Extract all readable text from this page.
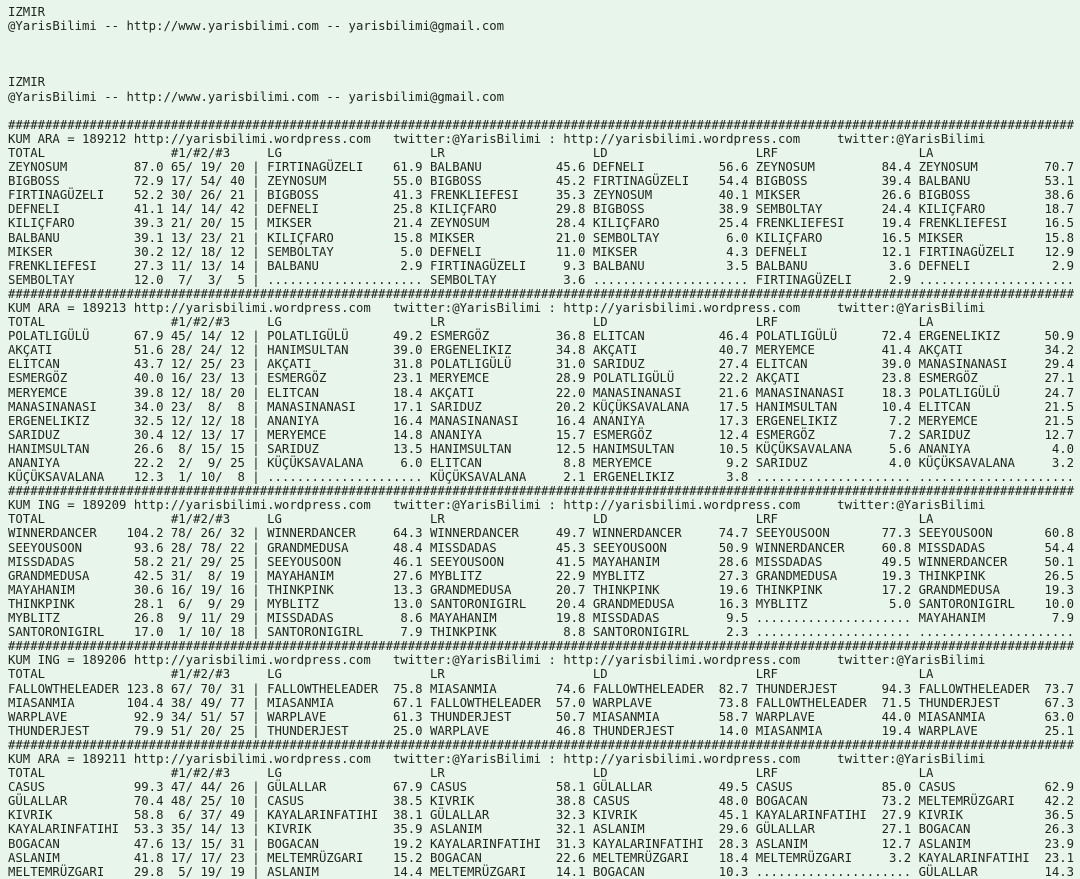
IZMIR
@YarisBilimi -- http://www.yarisbilimi.com -- yarisbilimi@gmail.com
IZMIR
@YarisBilimi -- http://www.yarisbilimi.com -- yarisbilimi@gmail.com
################################################################################################################################################
KUM ARA = 189212 http://yarisbilimi.wordpress.com   twitter:@YarisBilimi : http://yarisbilimi.wordpress.com     twitter:@YarisBilimi
TOTAL                 #1/#2/#3     LG                    LR                    LD                    LRF                   LA
ZEYNOSUM         87.0 65/ 19/ 20 | FIRTINAGÜZELI    61.9 BALBANU          45.6 DEFNELI          56.6 ZEYNOSUM         84.4 ZEYNOSUM         70.7
BIGBOSS          72.9 17/ 54/ 40 | ZEYNOSUM         55.0 BIGBOSS          45.2 FIRTINAGÜZELI    54.4 BIGBOSS          39.4 BALBANU          53.1
FIRTINAGÜZELI    52.2 30/ 26/ 21 | BIGBOSS          41.3 FRENKLIEFESI     35.3 ZEYNOSUM         40.1 MIKSER           26.6 BIGBOSS          38.6
DEFNELI          41.1 14/ 14/ 42 | DEFNELI          25.8 KILIÇFARO        29.8 BIGBOSS          38.9 SEMBOLTAY        24.4 KILIÇFARO        18.7
KILIÇFARO        39.3 21/ 20/ 15 | MIKSER           21.4 ZEYNOSUM         28.4 KILIÇFARO        25.4 FRENKLIEFESI     19.4 FRENKLIEFESI     16.5
BALBANU          39.1 13/ 23/ 21 | KILIÇFARO        15.8 MIKSER           21.0 SEMBOLTAY         6.0 KILIÇFARO        16.5 MIKSER           15.8
MIKSER           30.2 12/ 18/ 12 | SEMBOLTAY         5.0 DEFNELI          11.0 MIKSER            4.3 DEFNELI          12.1 FIRTINAGÜZELI    12.9
FRENKLIEFESI     27.3 11/ 13/ 14 | BALBANU           2.9 FIRTINAGÜZELI     9.3 BALBANU           3.5 BALBANU           3.6 DEFNELI           2.9
SEMBOLTAY        12.0  7/  3/  5 | ..................... SEMBOLTAY         3.6 ..................... FIRTINAGÜZELI     2.9 .....................
################################################################################################################################################
KUM ARA = 189213 http://yarisbilimi.wordpress.com   twitter:@YarisBilimi : http://yarisbilimi.wordpress.com     twitter:@YarisBilimi
TOTAL                 #1/#2/#3     LG                    LR                    LD                    LRF                   LA
POLATLIGÜLÜ      67.9 45/ 14/ 12 | POLATLIGÜLÜ      49.2 ESMERGÖZ         36.8 ELITCAN          46.4 POLATLIGÜLÜ      72.4 ERGENELIKIZ      50.9
AKÇATI           51.6 28/ 24/ 12 | HANIMSULTAN      39.0 ERGENELIKIZ      34.8 AKÇATI           40.7 MERYEMCE         41.4 AKÇATI           34.2
ELITCAN          43.7 12/ 25/ 23 | AKÇATI           31.8 POLATLIGÜLÜ      31.0 SARIDUZ          27.4 ELITCAN          39.0 MANASINANASI     29.4
ESMERGÖZ         40.0 16/ 23/ 13 | ESMERGÖZ         23.1 MERYEMCE         28.9 POLATLIGÜLÜ      22.2 AKÇATI           23.8 ESMERGÖZ         27.1
MERYEMCE         39.8 12/ 18/ 20 | ELITCAN          18.4 AKÇATI           22.0 MANASINANASI     21.6 MANASINANASI     18.3 POLATLIGÜLÜ      24.7
MANASINANASI     34.0 23/  8/  8 | MANASINANASI     17.1 SARIDUZ          20.2 KÜÇÜKSAVALANA    17.5 HANIMSULTAN      10.4 ELITCAN          21.5
ERGENELIKIZ      32.5 12/ 12/ 18 | ANANIYA          16.4 MANASINANASI     16.4 ANANIYA          17.3 ERGENELIKIZ       7.2 MERYEMCE         21.5
SARIDUZ          30.4 12/ 13/ 17 | MERYEMCE         14.8 ANANIYA          15.7 ESMERGÖZ         12.4 ESMERGÖZ          7.2 SARIDUZ          12.7
HANIMSULTAN      26.6  8/ 15/ 15 | SARIDUZ          13.5 HANIMSULTAN      12.5 HANIMSULTAN      10.5 KÜÇÜKSAVALANA     5.6 ANANIYA           4.0
ANANIYA          22.2  2/  9/ 25 | KÜÇÜKSAVALANA     6.0 ELITCAN           8.8 MERYEMCE          9.2 SARIDUZ           4.0 KÜÇÜKSAVALANA     3.2
KÜÇÜKSAVALANA    12.3  1/ 10/  8 | ..................... KÜÇÜKSAVALANA     2.1 ERGENELIKIZ       3.8 ..................... .....................
################################################################################################################################################
KUM ING = 189209 http://yarisbilimi.wordpress.com   twitter:@YarisBilimi : http://yarisbilimi.wordpress.com     twitter:@YarisBilimi
TOTAL                 #1/#2/#3     LG                    LR                    LD                    LRF                   LA
WINNERDANCER    104.2 78/ 26/ 32 | WINNERDANCER     64.3 WINNERDANCER     49.7 WINNERDANCER     74.7 SEEYOUSOON       77.3 SEEYOUSOON       60.8
SEEYOUSOON       93.6 28/ 78/ 22 | GRANDMEDUSA      48.4 MISSDADAS        45.3 SEEYOUSOON       50.9 WINNERDANCER     60.8 MISSDADAS        54.4
MISSDADAS        58.2 21/ 29/ 25 | SEEYOUSOON       46.1 SEEYOUSOON       41.5 MAYAHANIM        28.6 MISSDADAS        49.5 WINNERDANCER     50.1
GRANDMEDUSA      42.5 31/  8/ 19 | MAYAHANIM        27.6 MYBLITZ          22.9 MYBLITZ          27.3 GRANDMEDUSA      19.3 THINKPINK        26.5
MAYAHANIM        30.6 16/ 19/ 16 | THINKPINK        13.3 GRANDMEDUSA      20.7 THINKPINK        19.6 THINKPINK        17.2 GRANDMEDUSA      19.3
THINKPINK        28.1  6/  9/ 29 | MYBLITZ          13.0 SANTORONIGIRL    20.4 GRANDMEDUSA      16.3 MYBLITZ           5.0 SANTORONIGIRL    10.0
MYBLITZ          26.8  9/ 11/ 29 | MISSDADAS         8.6 MAYAHANIM        19.8 MISSDADAS         9.5 ..................... MAYAHANIM         7.9
SANTORONIGIRL    17.0  1/ 10/ 18 | SANTORONIGIRL     7.9 THINKPINK         8.8 SANTORONIGIRL     2.3 ..................... .....................
################################################################################################################################################
KUM ING = 189206 http://yarisbilimi.wordpress.com   twitter:@YarisBilimi : http://yarisbilimi.wordpress.com     twitter:@YarisBilimi
TOTAL                 #1/#2/#3     LG                    LR                    LD                    LRF                   LA
FALLOWTHELEADER 123.8 67/ 70/ 31 | FALLOWTHELEADER  75.8 MIASANMIA        74.6 FALLOWTHELEADER  82.7 THUNDERJEST      94.3 FALLOWTHELEADER  73.7
MIASANMIA       104.4 38/ 49/ 77 | MIASANMIA        67.1 FALLOWTHELEADER  57.0 WARPLAVE         73.8 FALLOWTHELEADER  71.5 THUNDERJEST      67.3
WARPLAVE         92.9 34/ 51/ 57 | WARPLAVE         61.3 THUNDERJEST      50.7 MIASANMIA        58.7 WARPLAVE         44.0 MIASANMIA        63.0
THUNDERJEST      79.9 51/ 20/ 25 | THUNDERJEST      25.0 WARPLAVE         46.8 THUNDERJEST      14.0 MIASANMIA        19.4 WARPLAVE         25.1
################################################################################################################################################
KUM ARA = 189211 http://yarisbilimi.wordpress.com   twitter:@YarisBilimi : http://yarisbilimi.wordpress.com     twitter:@YarisBilimi
TOTAL                 #1/#2/#3     LG                    LR                    LD                    LRF                   LA
CASUS            99.3 47/ 44/ 26 | GÜLALLAR         67.9 CASUS            58.1 GÜLALLAR         49.5 CASUS            85.0 CASUS            62.9
GÜLALLAR         70.4 48/ 25/ 10 | CASUS            38.5 KIVRIK           38.8 CASUS            48.0 BOGACAN          73.2 MELTEMRÜZGARI    42.2
KIVRIK           58.8  6/ 37/ 49 | KAYALARINFATIHI  38.1 GÜLALLAR         32.3 KIVRIK           45.1 KAYALARINFATIHI  27.9 KIVRIK           36.5
KAYALARINFATIHI  53.3 35/ 14/ 13 | KIVRIK           35.9 ASLANIM          32.1 ASLANIM          29.6 GÜLALLAR         27.1 BOGACAN          26.3
BOGACAN          47.6 13/ 15/ 31 | BOGACAN          19.2 KAYALARINFATIHI  31.3 KAYALARINFATIHI  28.3 ASLANIM          12.7 ASLANIM          23.9
ASLANIM          41.8 17/ 17/ 23 | MELTEMRÜZGARI    15.2 BOGACAN          22.6 MELTEMRÜZGARI    18.4 MELTEMRÜZGARI     3.2 KAYALARINFATIHI  23.1
MELTEMRÜZGARI    29.8  5/ 19/ 19 | ASLANIM          14.4 MELTEMRÜZGARI    14.1 BOGACAN          10.3 ..................... GÜLALLAR         14.3
